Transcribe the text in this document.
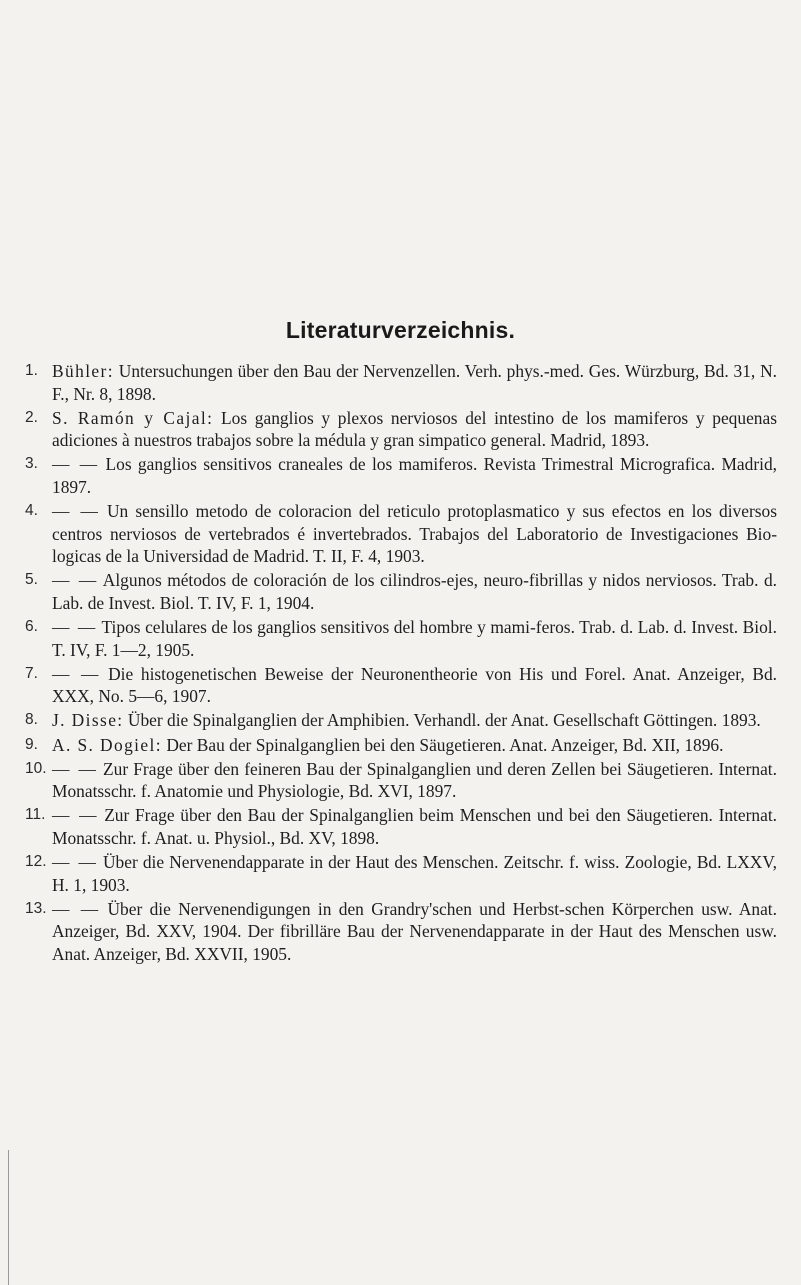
Literaturverzeichnis.
1. Bühler: Untersuchungen über den Bau der Nervenzellen. Verh. phys.-med. Ges. Würzburg, Bd. 31, N. F., Nr. 8, 1898.
2. S. Ramón y Cajal: Los ganglios y plexos nerviosos del intestino de los mamiferos y pequenas adiciones à nuestros trabajos sobre la médula y gran simpatico general. Madrid, 1893.
3. — — Los ganglios sensitivos craneales de los mamiferos. Revista Trimestral Micrografica. Madrid, 1897.
4. — — Un sensillo metodo de coloracion del reticulo protoplasmatico y sus efectos en los diversos centros nerviosos de vertebrados é invertebrados. Trabajos del Laboratorio de Investigaciones Bio-logicas de la Universidad de Madrid. T. II, F. 4, 1903.
5. — — Algunos métodos de coloración de los cilindros-ejes, neuro-fibrillas y nidos nerviosos. Trab. d. Lab. de Invest. Biol. T. IV, F. 1, 1904.
6. — — Tipos celulares de los ganglios sensitivos del hombre y mami-feros. Trab. d. Lab. d. Invest. Biol. T. IV, F. 1—2, 1905.
7. — — Die histogenetischen Beweise der Neuronentheorie von His und Forel. Anat. Anzeiger, Bd. XXX, No. 5—6, 1907.
8. J. Disse: Über die Spinalganglien der Amphibien. Verhandl. der Anat. Gesellschaft Göttingen. 1893.
9. A. S. Dogiel: Der Bau der Spinalganglien bei den Säugetieren. Anat. Anzeiger, Bd. XII, 1896.
10. — — Zur Frage über den feineren Bau der Spinalganglien und deren Zellen bei Säugetieren. Internat. Monatsschr. f. Anatomie und Physiologie, Bd. XVI, 1897.
11. — — Zur Frage über den Bau der Spinalganglien beim Menschen und bei den Säugetieren. Internat. Monatsschr. f. Anat. u. Physiol., Bd. XV, 1898.
12. — — Über die Nervenendapparate in der Haut des Menschen. Zeitschr. f. wiss. Zoologie, Bd. LXXV, H. 1, 1903.
13. — — Über die Nervenendigungen in den Grandry'schen und Herbst-schen Körperchen usw. Anat. Anzeiger, Bd. XXV, 1904. Der fibrilläre Bau der Nervenendapparate in der Haut des Menschen usw. Anat. Anzeiger, Bd. XXVII, 1905.
